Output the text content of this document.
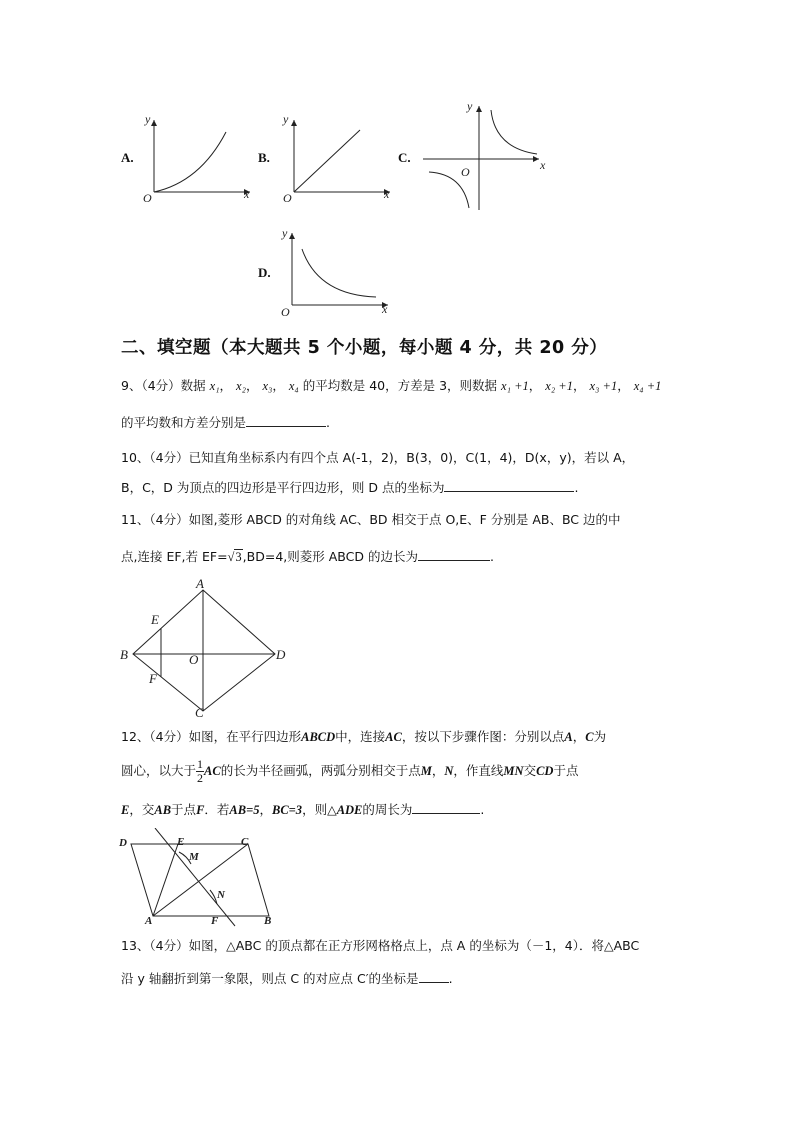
A.
y
x
O
B.
y
x
O
C.
y
x
O
D.
y
x
O
二、填空题（本大题共 5 个小题，每小题 4 分，共 20 分）
9、（4分）数据 x₁， x₂， x₃， x₄ 的平均数是 40，方差是 3，则数据 x₁ +1， x₂ +1， x₃ +1， x₄ +1
的平均数和方差分别是	.
10、（4分）已知直角坐标系内有四个点 A(-1，2)，B(3，0)，C(1，4)，D(x，y)，若以 A，
B，C，D 为顶点的四边形是平行四边形，则 D 点的坐标为	.
11、（4分）如图,菱形 ABCD 的对角线 AC、BD 相交于点 O,E、F 分别是 AB、BC 边的中
点,连接 EF,若 EF=√3,BD=4,则菱形 ABCD 的边长为	.
A
B
C
D
E
F
O
12、（4分）如图，在平行四边形ABCD中，连接AC，按以下步骤作图：分别以点A，C为
圆心，以大于 $\frac{1}{2}$ AC的长为半径画弧，两弧分别相交于点M，N，作直线MN交CD于点
E，交AB于点F．若AB=5，BC=3，则△ADE的周长为	.
D	E	C
M
N
A	F	B
13、（4分）如图，△ABC 的顶点都在正方形网格格点上，点 A 的坐标为（－1，4）．将△ABC
沿 y 轴翻折到第一象限，则点 C 的对应点 C′的坐标是 .
